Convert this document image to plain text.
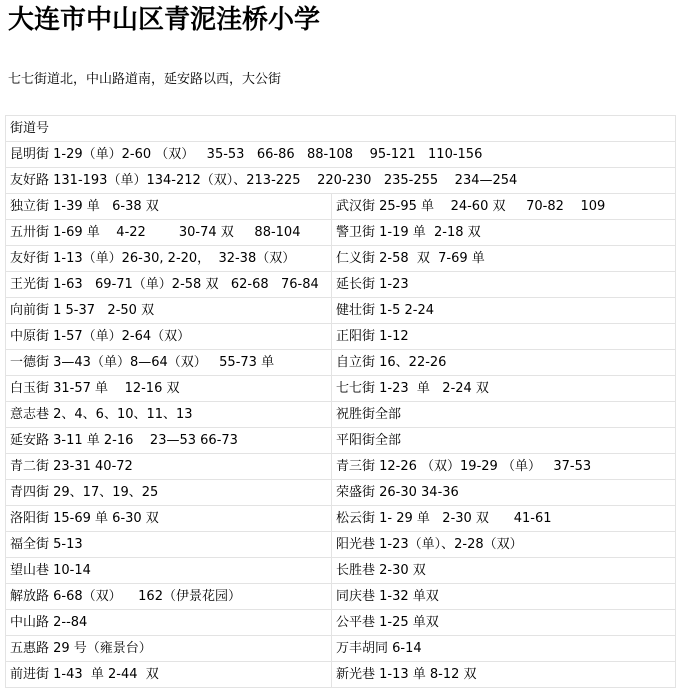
大连市中山区青泥洼桥小学
七七街道北，中山路道南，延安路以西，大公街
街道号	
昆明街 1-29（单）2-60 （双）   35-53   66-86   88-108    95-121   110-156	
友好路 131-193（单）134-212（双）、213-225    220-230   235-255    234—254	
独立街 1-39 单   6-38 双	武汉街 25-95 单    24-60 双     70-82    109
五卅街 1-69 单    4-22        30-74 双     88-104	警卫街 1-19 单  2-18 双
友好街 1-13（单）26-30, 2-20，  32-38（双）	仁义街 2-58  双  7-69 单
王光街 1-63   69-71（单）2-58 双   62-68   76-84	延长街 1-23
向前街 1 5-37   2-50 双	健壮街 1-5 2-24
中原街 1-57（单）2-64（双）	正阳街 1-12
一德街 3—43（单）8—64（双）   55-73 单	自立街 16、22-26
白玉街 31-57 单    12-16 双	七七街 1-23  单   2-24 双
意志巷 2、4、6、10、11、13	祝胜街全部
延安路 3-11 单 2-16    23—53 66-73	平阳街全部
青二街 23-31 40-72	青三街 12-26 （双）19-29 （单）   37-53
青四街 29、17、19、25	荣盛街 26-30 34-36
洛阳街 15-69 单 6-30 双	松云街 1- 29 单   2-30 双      41-61
福全街 5-13	阳光巷 1-23（单）、2-28（双）
望山巷 10-14	长胜巷 2-30 双
解放路 6-68（双）    162（伊景花园）	同庆巷 1-32 单双
中山路 2--84	公平巷 1-25 单双
五惠路 29 号（雍景台）	万丰胡同 6-14
前进街 1-43  单 2-44  双	新光巷 1-13 单 8-12 双
